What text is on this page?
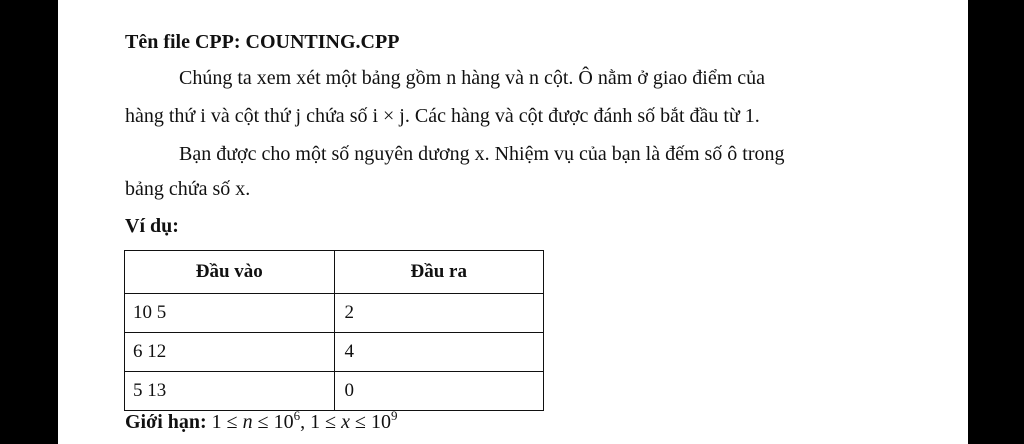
Tên file CPP: COUNTING.CPP
Chúng ta xem xét một bảng gồm n hàng và n cột. Ô nằm ở giao điểm của
hàng thứ i và cột thứ j chứa số i × j. Các hàng và cột được đánh số bắt đầu từ 1.
Bạn được cho một số nguyên dương x. Nhiệm vụ của bạn là đếm số ô trong
bảng chứa số x.
Ví dụ:
Đầu vào	Đầu ra
10 5	2
6 12	4
5 13	0
Giới hạn: $1 \le n \le 10^6$, $1 \le x \le 10^9$
